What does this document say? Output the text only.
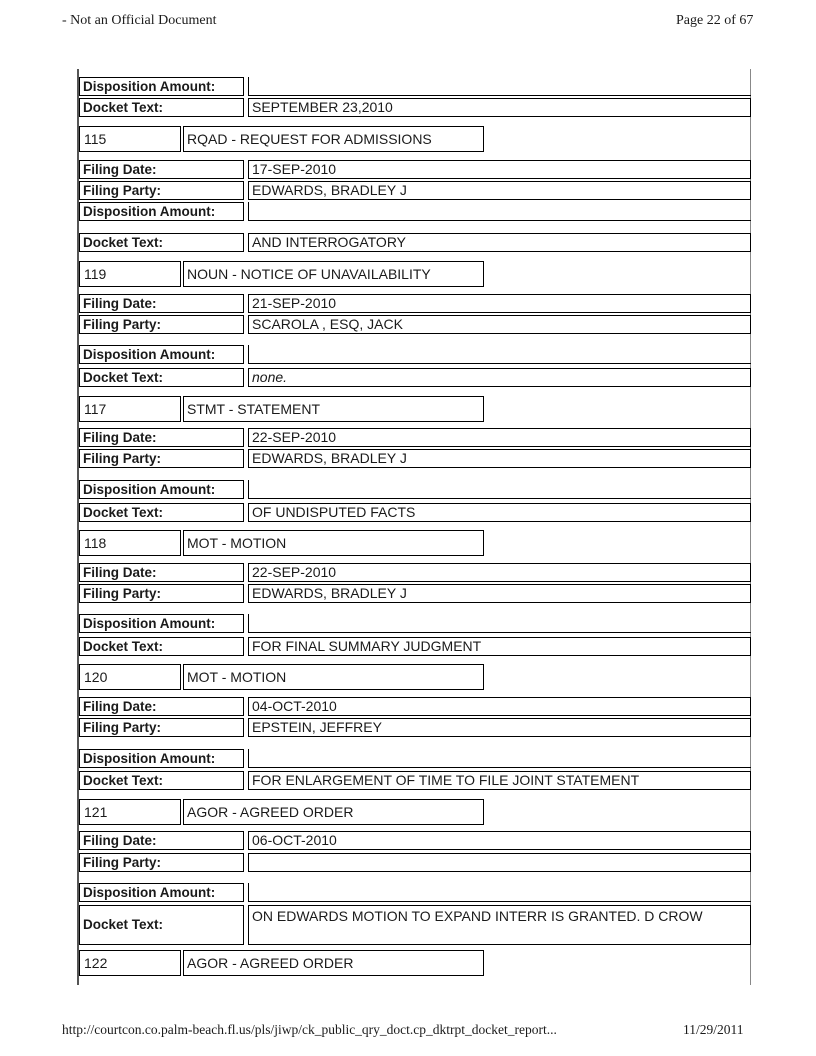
- Not an Official Document	Page 22 of 67
Disposition Amount:
Docket Text:	SEPTEMBER 23,2010
115	RQAD - REQUEST FOR ADMISSIONS
Filing Date:	17-SEP-2010
Filing Party:	EDWARDS, BRADLEY J
Disposition Amount:
Docket Text:	AND INTERROGATORY
119	NOUN - NOTICE OF UNAVAILABILITY
Filing Date:	21-SEP-2010
Filing Party:	SCAROLA , ESQ, JACK
Disposition Amount:
Docket Text:	none.
117	STMT - STATEMENT
Filing Date:	22-SEP-2010
Filing Party:	EDWARDS, BRADLEY J
Disposition Amount:
Docket Text:	OF UNDISPUTED FACTS
118	MOT - MOTION
Filing Date:	22-SEP-2010
Filing Party:	EDWARDS, BRADLEY J
Disposition Amount:
Docket Text:	FOR FINAL SUMMARY JUDGMENT
120	MOT - MOTION
Filing Date:	04-OCT-2010
Filing Party:	EPSTEIN, JEFFREY
Disposition Amount:
Docket Text:	FOR ENLARGEMENT OF TIME TO FILE JOINT STATEMENT
121	AGOR - AGREED ORDER
Filing Date:	06-OCT-2010
Filing Party:
Disposition Amount:
Docket Text:
ON EDWARDS MOTION TO EXPAND INTERR IS GRANTED. D CROW
122	AGOR - AGREED ORDER
http://courtcon.co.palm-beach.fl.us/pls/jiwp/ck_public_qry_doct.cp_dktrpt_docket_report...	11/29/2011
